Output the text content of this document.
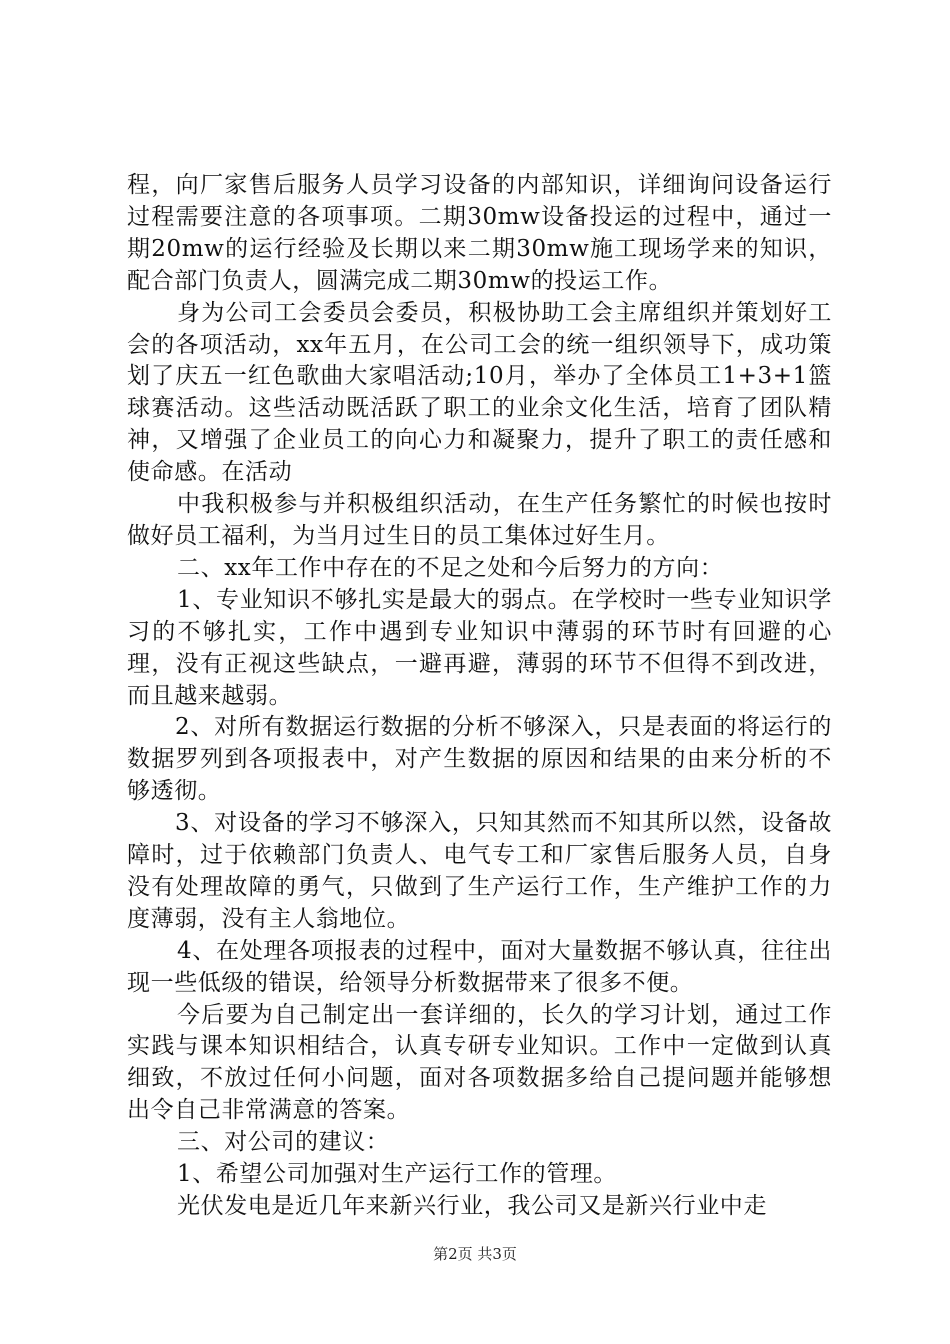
程，向厂家售后服务人员学习设备的内部知识，详细询问设备运行过程需要注意的各项事项。二期30mw设备投运的过程中，通过一期20mw的运行经验及长期以来二期30mw施工现场学来的知识，配合部门负责人，圆满完成二期30mw的投运工作。

身为公司工会委员会委员，积极协助工会主席组织并策划好工会的各项活动，xx年五月，在公司工会的统一组织领导下，成功策划了庆五一红色歌曲大家唱活动;10月，举办了全体员工1+3+1篮球赛活动。这些活动既活跃了职工的业余文化生活，培育了团队精神，又增强了企业员工的向心力和凝聚力，提升了职工的责任感和使命感。在活动

中我积极参与并积极组织活动，在生产任务繁忙的时候也按时做好员工福利，为当月过生日的员工集体过好生月。

二、xx年工作中存在的不足之处和今后努力的方向：

1、专业知识不够扎实是最大的弱点。在学校时一些专业知识学习的不够扎实，工作中遇到专业知识中薄弱的环节时有回避的心理，没有正视这些缺点，一避再避，薄弱的环节不但得不到改进，而且越来越弱。

2、对所有数据运行数据的分析不够深入，只是表面的将运行的数据罗列到各项报表中，对产生数据的原因和结果的由来分析的不够透彻。

3、对设备的学习不够深入，只知其然而不知其所以然，设备故障时，过于依赖部门负责人、电气专工和厂家售后服务人员，自身没有处理故障的勇气，只做到了生产运行工作，生产维护工作的力度薄弱，没有主人翁地位。

4、在处理各项报表的过程中，面对大量数据不够认真，往往出现一些低级的错误，给领导分析数据带来了很多不便。

今后要为自己制定出一套详细的，长久的学习计划，通过工作实践与课本知识相结合，认真专研专业知识。工作中一定做到认真细致，不放过任何小问题，面对各项数据多给自己提问题并能够想出令自己非常满意的答案。

三、对公司的建议：

1、希望公司加强对生产运行工作的管理。

光伏发电是近几年来新兴行业，我公司又是新兴行业中走

第2页 共3页
